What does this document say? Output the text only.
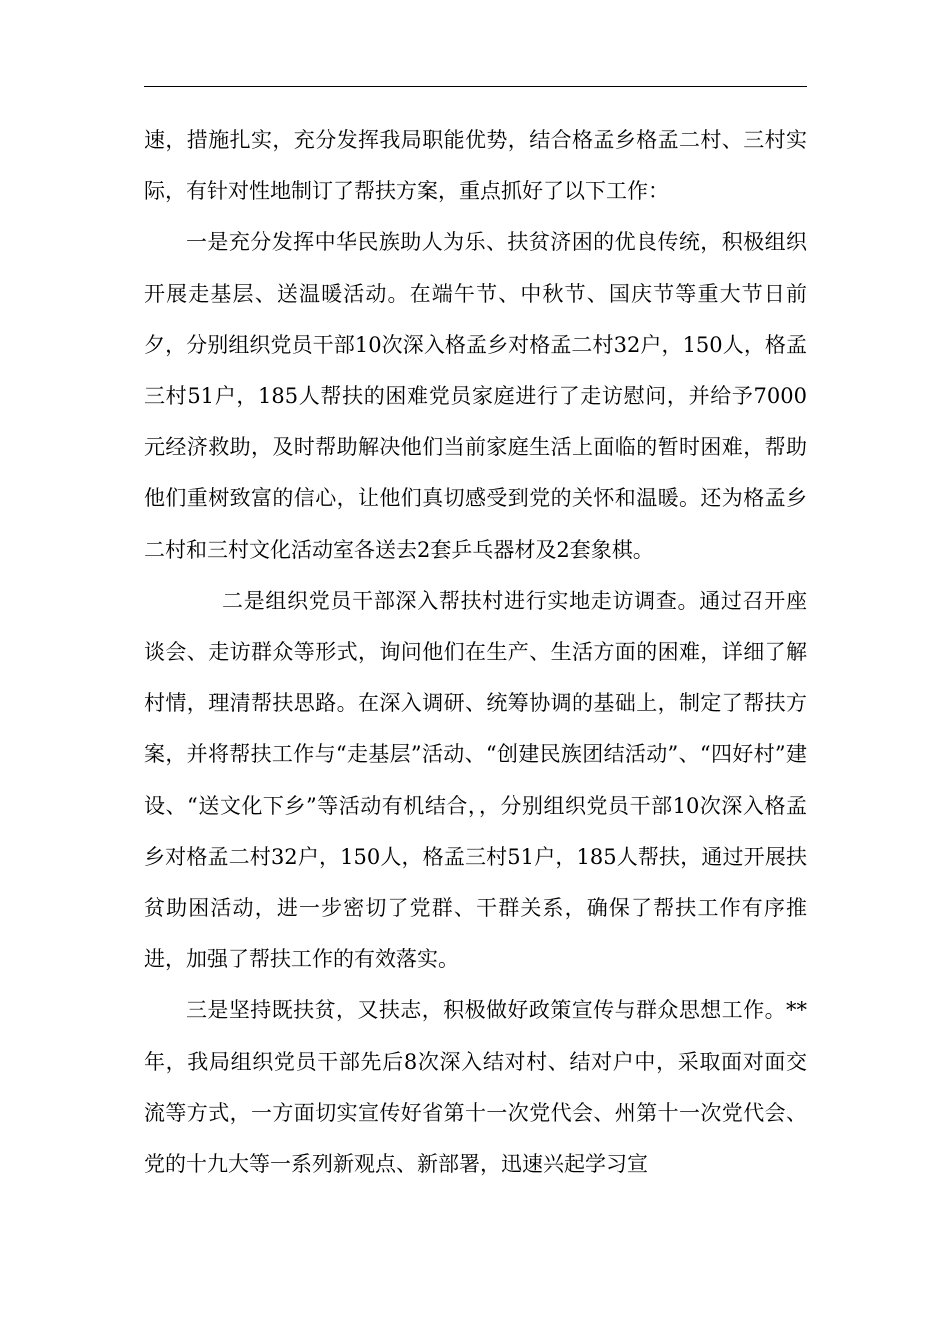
速，措施扎实，充分发挥我局职能优势，结合格孟乡格孟二村、三村实际，有针对性地制订了帮扶方案，重点抓好了以下工作：

一是充分发挥中华民族助人为乐、扶贫济困的优良传统，积极组织开展走基层、送温暖活动。在端午节、中秋节、国庆节等重大节日前夕，分别组织党员干部10次深入格孟乡对格孟二村32户，150人，格孟三村51户，185人帮扶的困难党员家庭进行了走访慰问，并给予7000元经济救助，及时帮助解决他们当前家庭生活上面临的暂时困难，帮助他们重树致富的信心，让他们真切感受到党的关怀和温暖。还为格孟乡二村和三村文化活动室各送去2套乒乓器材及2套象棋。

二是组织党员干部深入帮扶村进行实地走访调查。通过召开座谈会、走访群众等形式，询问他们在生产、生活方面的困难，详细了解村情，理清帮扶思路。在深入调研、统筹协调的基础上，制定了帮扶方案，并将帮扶工作与“走基层”活动、“创建民族团结活动”、“四好村”建设、“送文化下乡”等活动有机结合，，分别组织党员干部10次深入格孟乡对格孟二村32户，150人，格孟三村51户，185人帮扶，通过开展扶贫助困活动，进一步密切了党群、干群关系，确保了帮扶工作有序推进，加强了帮扶工作的有效落实。

三是坚持既扶贫，又扶志，积极做好政策宣传与群众思想工作。**年，我局组织党员干部先后8次深入结对村、结对户中，采取面对面交流等方式，一方面切实宣传好省第十一次党代会、州第十一次党代会、党的十九大等一系列新观点、新部署，迅速兴起学习宣
